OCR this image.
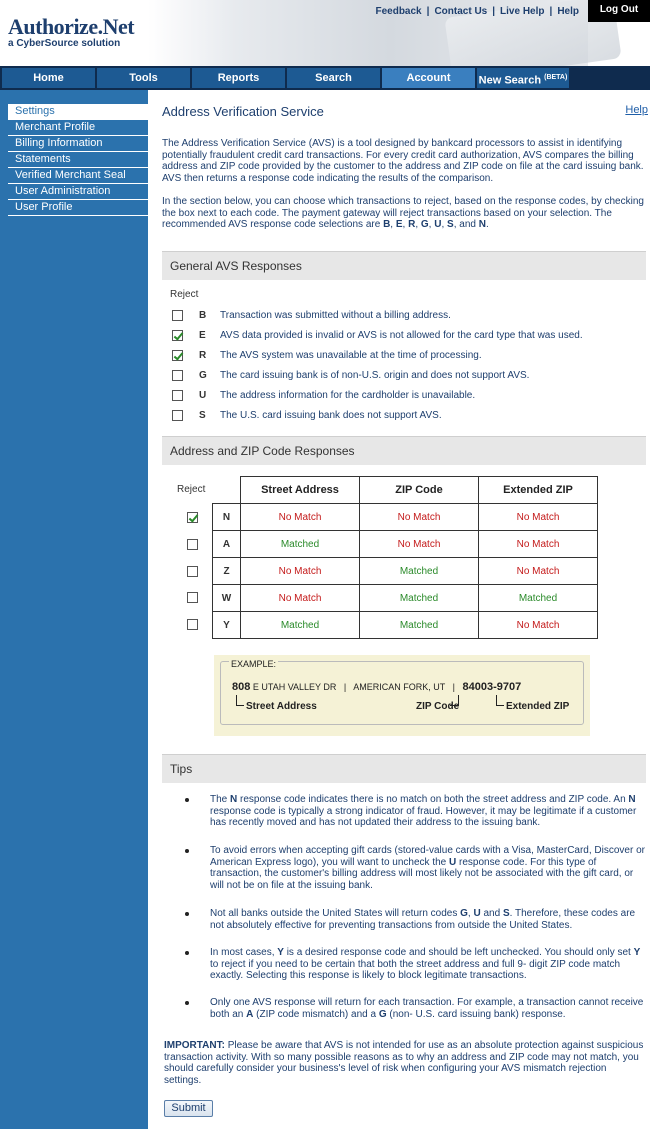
Authorize.Net
a CyberSource solution
Feedback | Contact Us | Live Help | Help	Log Out
Home	Tools	Reports	Search	Account	New Search $^{(BETA)}$
Settings
Merchant Profile
Billing Information
Statements
Verified Merchant Seal
User Administration
User Profile
Address Verification Service	Help
The Address Verification Service (AVS) is a tool designed by bankcard processors to assist in identifying potentially fraudulent credit card transactions. For every credit card authorization, AVS compares the billing address and ZIP code provided by the customer to the address and ZIP code on file at the card issuing bank. AVS then returns a response code indicating the results of the comparison.
In the section below, you can choose which transactions to reject, based on the response codes, by checking the box next to each code. The payment gateway will reject transactions based on your selection. The recommended AVS response code selections are B, E, R, G, U, S, and N.
General AVS Responses
Reject
B	Transaction was submitted without a billing address.
E	AVS data provided is invalid or AVS is not allowed for the card type that was used.
R	The AVS system was unavailable at the time of processing.
G	The card issuing bank is of non-U.S. origin and does not support AVS.
U	The address information for the cardholder is unavailable.
S	The U.S. card issuing bank does not support AVS.
Address and ZIP Code Responses
Reject
		Street Address	ZIP Code	Extended ZIP
N	No Match	No Match	No Match
A	Matched	No Match	No Match
Z	No Match	Matched	No Match
W	No Match	Matched	Matched
Y	Matched	Matched	No Match
EXAMPLE:
808 E UTAH VALLEY DR | AMERICAN FORK, UT | 84003-9707
Street Address	ZIP Code	Extended ZIP
Tips
The N response code indicates there is no match on both the street address and ZIP code. An N response code is typically a strong indicator of fraud. However, it may be legitimate if a customer has recently moved and has not updated their address to the issuing bank.
To avoid errors when accepting gift cards (stored-value cards with a Visa, MasterCard, Discover or American Express logo), you will want to uncheck the U response code. For this type of transaction, the customer's billing address will most likely not be associated with the gift card, or will not be on file at the issuing bank.
Not all banks outside the United States will return codes G, U and S. Therefore, these codes are not absolutely effective for preventing transactions from outside the United States.
In most cases, Y is a desired response code and should be left unchecked. You should only set Y to reject if you need to be certain that both the street address and full 9- digit ZIP code match exactly. Selecting this response is likely to block legitimate transactions.
Only one AVS response will return for each transaction. For example, a transaction cannot receive both an A (ZIP code mismatch) and a G (non- U.S. card issuing bank) response.
IMPORTANT: Please be aware that AVS is not intended for use as an absolute protection against suspicious transaction activity. With so many possible reasons as to why an address and ZIP code may not match, you should carefully consider your business's level of risk when configuring your AVS mismatch rejection settings.
Submit
